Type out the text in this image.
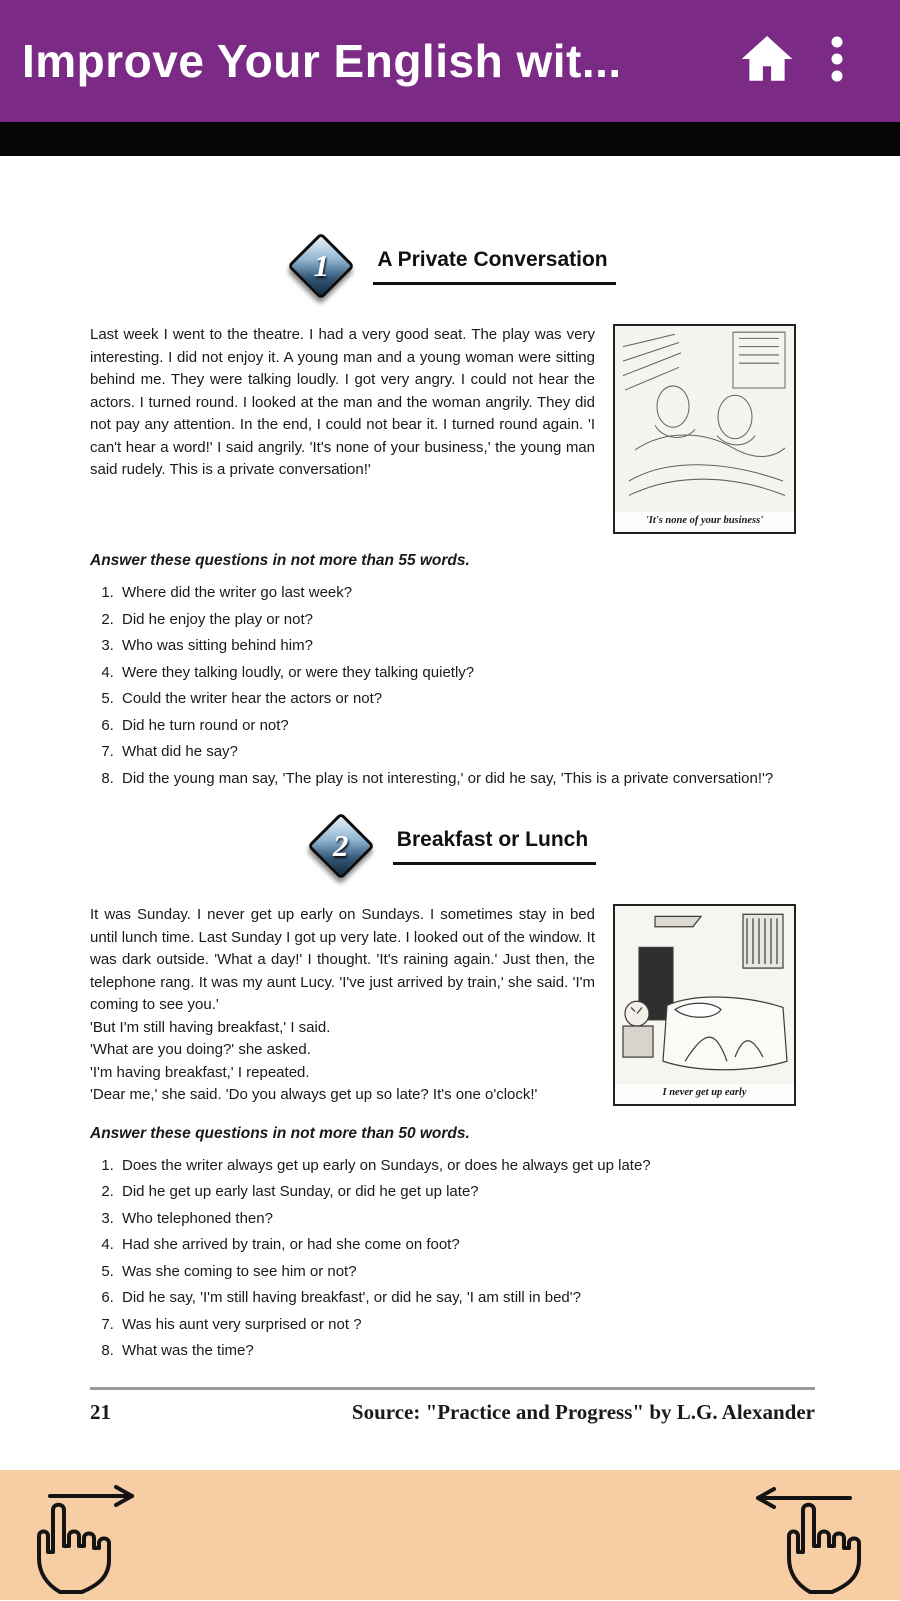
Improve Your English wit...
1	A Private Conversation

Last week I went to the theatre. I had a very good seat. The play was very interesting. I did not enjoy it. A young man and a young woman were sitting behind me. They were talking loudly. I got very angry. I could not hear the actors. I turned round. I looked at the man and the woman angrily. They did not pay any attention. In the end, I could not bear it. I turned round again. 'I can't hear a word!' I said angrily. 'It's none of your business,' the young man said rudely. This is a private conversation!'

'It's none of your business'
Answer these questions in not more than 55 words.
1. Where did the writer go last week?
2. Did he enjoy the play or not?
3. Who was sitting behind him?
4. Were they talking loudly, or were they talking quietly?
5. Could the writer hear the actors or not?
6. Did he turn round or not?
7. What did he say?
8. Did the young man say, 'The play is not interesting,' or did he say, 'This is a private conversation!'?
2	Breakfast or Lunch

It was Sunday. I never get up early on Sundays. I sometimes stay in bed until lunch time. Last Sunday I got up very late. I looked out of the window. It was dark outside. 'What a day!' I thought. 'It's raining again.' Just then, the telephone rang. It was my aunt Lucy. 'I've just arrived by train,' she said. 'I'm coming to see you.'

'But I'm still having breakfast,' I said.

'What are you doing?' she asked.

'I'm having breakfast,' I repeated.

'Dear me,' she said. 'Do you always get up so late? It's one o'clock!'	I never get up early
Answer these questions in not more than 50 words.
1. Does the writer always get up early on Sundays, or does he always get up late?
2. Did he get up early last Sunday, or did he get up late?
3. Who telephoned then?
4. Had she arrived by train, or had she come on foot?
5. Was she coming to see him or not?
6. Did he say, 'I'm still having breakfast', or did he say, 'I am still in bed'?
7. Was his aunt very surprised or not ?
8. What was the time?
21	Source: "Practice and Progress" by L.G. Alexander
